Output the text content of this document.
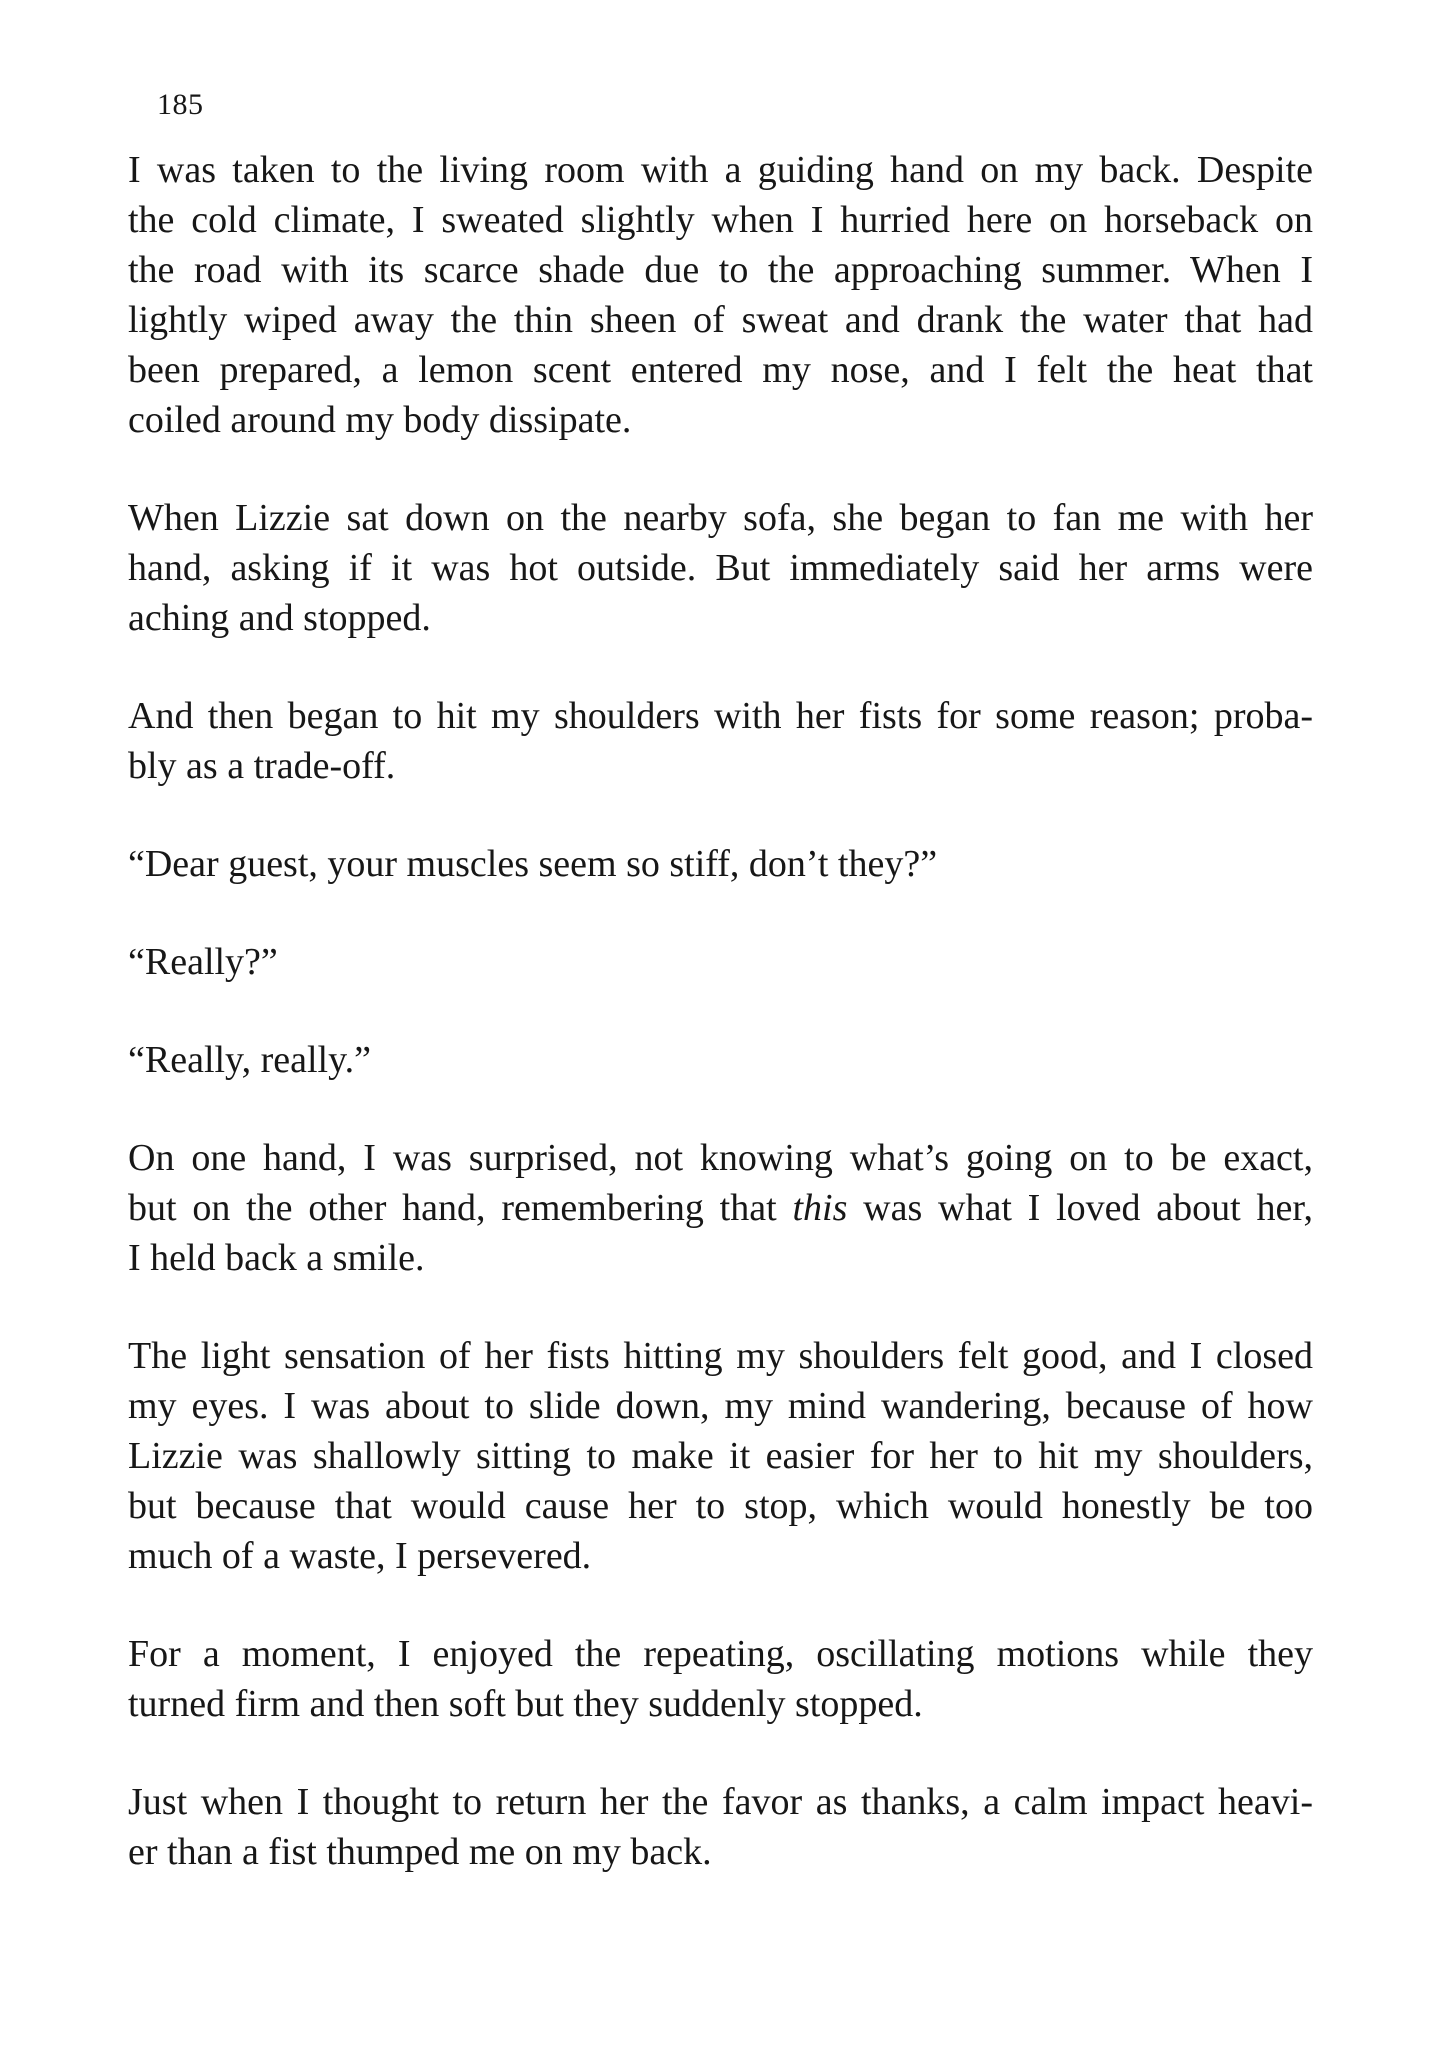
185
I was taken to the living room with a guiding hand on my back. Despite
the cold climate, I sweated slightly when I hurried here on horseback on
the road with its scarce shade due to the approaching summer. When I
lightly wiped away the thin sheen of sweat and drank the water that had
been prepared, a lemon scent entered my nose, and I felt the heat that
coiled around my body dissipate.
When Lizzie sat down on the nearby sofa, she began to fan me with her
hand, asking if it was hot outside. But immediately said her arms were
aching and stopped.
And then began to hit my shoulders with her fists for some reason; proba-
bly as a trade-off.
“Dear guest, your muscles seem so stiff, don’t they?”
“Really?”
“Really, really.”
On one hand, I was surprised, not knowing what’s going on to be exact,
but on the other hand, remembering that this was what I loved about her,
I held back a smile.
The light sensation of her fists hitting my shoulders felt good, and I closed
my eyes. I was about to slide down, my mind wandering, because of how
Lizzie was shallowly sitting to make it easier for her to hit my shoulders,
but because that would cause her to stop, which would honestly be too
much of a waste, I persevered.
For a moment, I enjoyed the repeating, oscillating motions while they
turned firm and then soft but they suddenly stopped.
Just when I thought to return her the favor as thanks, a calm impact heavi-
er than a fist thumped me on my back.
